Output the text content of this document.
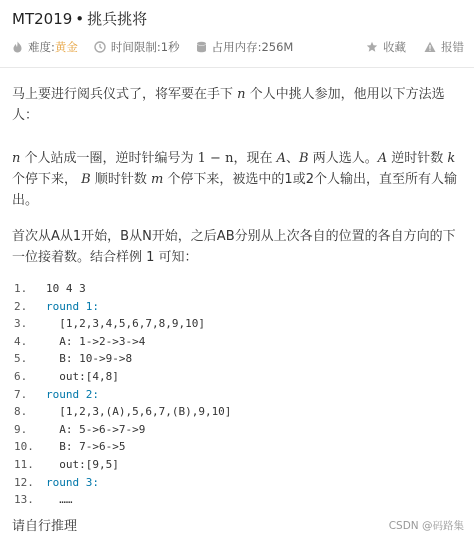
MT2019 • 挑兵挑将
难度: 黄金	时间限制: 1秒	占用内存: 256M	收藏	报错
马上要进行阅兵仪式了，将军要在手下 n 个人中挑人参加，他用以下方法选人：
n 个人站成一圈，逆时针编号为 1 − n，现在 A、B 两人选人。A 逆时针数 k 个停下来， B 顺时针数 m 个停下来，被选中的1或2个人输出，直至所有人输出。
首次从A从1开始，B从N开始，之后AB分别从上次各自的位置的各自方向的下一位接着数。结合样例 1 可知：
1.	10 4 3
2.	round 1:
3.	[1,2,3,4,5,6,7,8,9,10]
4.	A: 1->2->3->4
5.	B: 10->9->8
6.	out:[4,8]
7.	round 2:
8.	[1,2,3,(A),5,6,7,(B),9,10]
9.	A: 5->6->7->9
10.	B: 7->6->5
11.	out:[9,5]
12.	round 3:
13.	……
请自行推理	CSDN @码路集
